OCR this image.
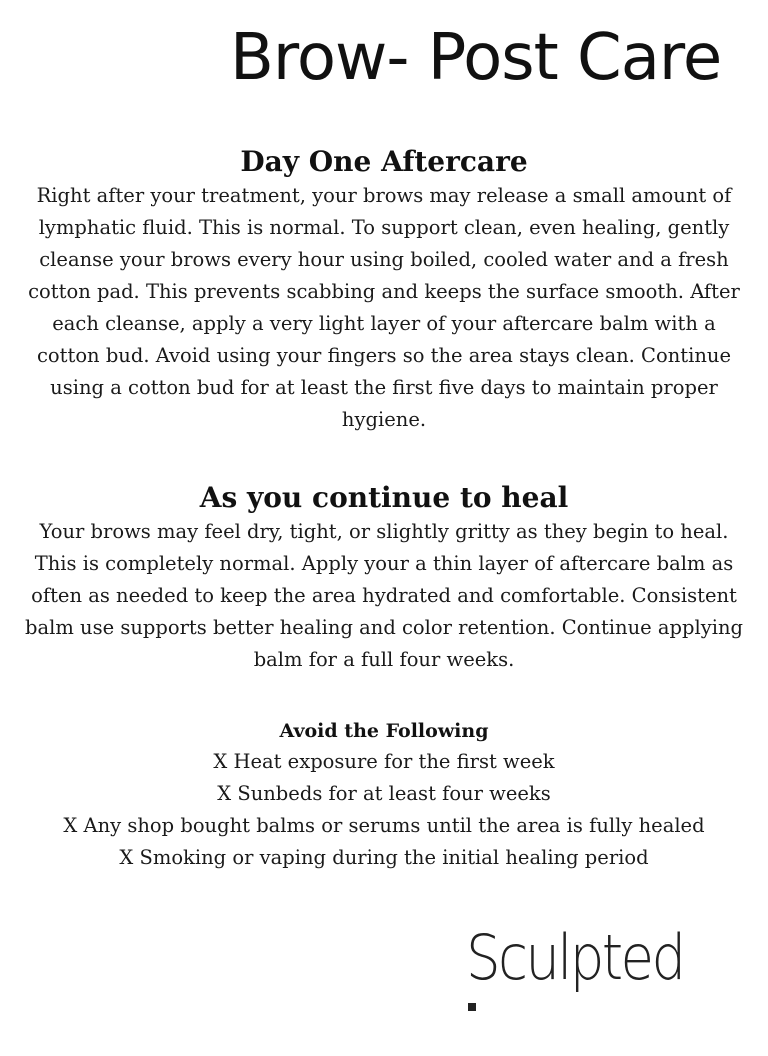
Brow- Post Care
Day One Aftercare

Right after your treatment, your brows may release a small amount of lymphatic fluid. This is normal. To support clean, even healing, gently cleanse your brows every hour using boiled, cooled water and a fresh cotton pad. This prevents scabbing and keeps the surface smooth. After each cleanse, apply a very light layer of your aftercare balm with a cotton bud. Avoid using your fingers so the area stays clean. Continue using a cotton bud for at least the first five days to maintain proper hygiene.

As you continue to heal

Your brows may feel dry, tight, or slightly gritty as they begin to heal. This is completely normal. Apply your a thin layer of aftercare balm as often as needed to keep the area hydrated and comfortable. Consistent balm use supports better healing and color retention. Continue applying balm for a full four weeks.

Avoid the Following
X Heat exposure for the first week
X Sunbeds for at least four weeks
X Any shop bought balms or serums until the area is fully healed
X Smoking or vaping during the initial healing period
Sculpted
